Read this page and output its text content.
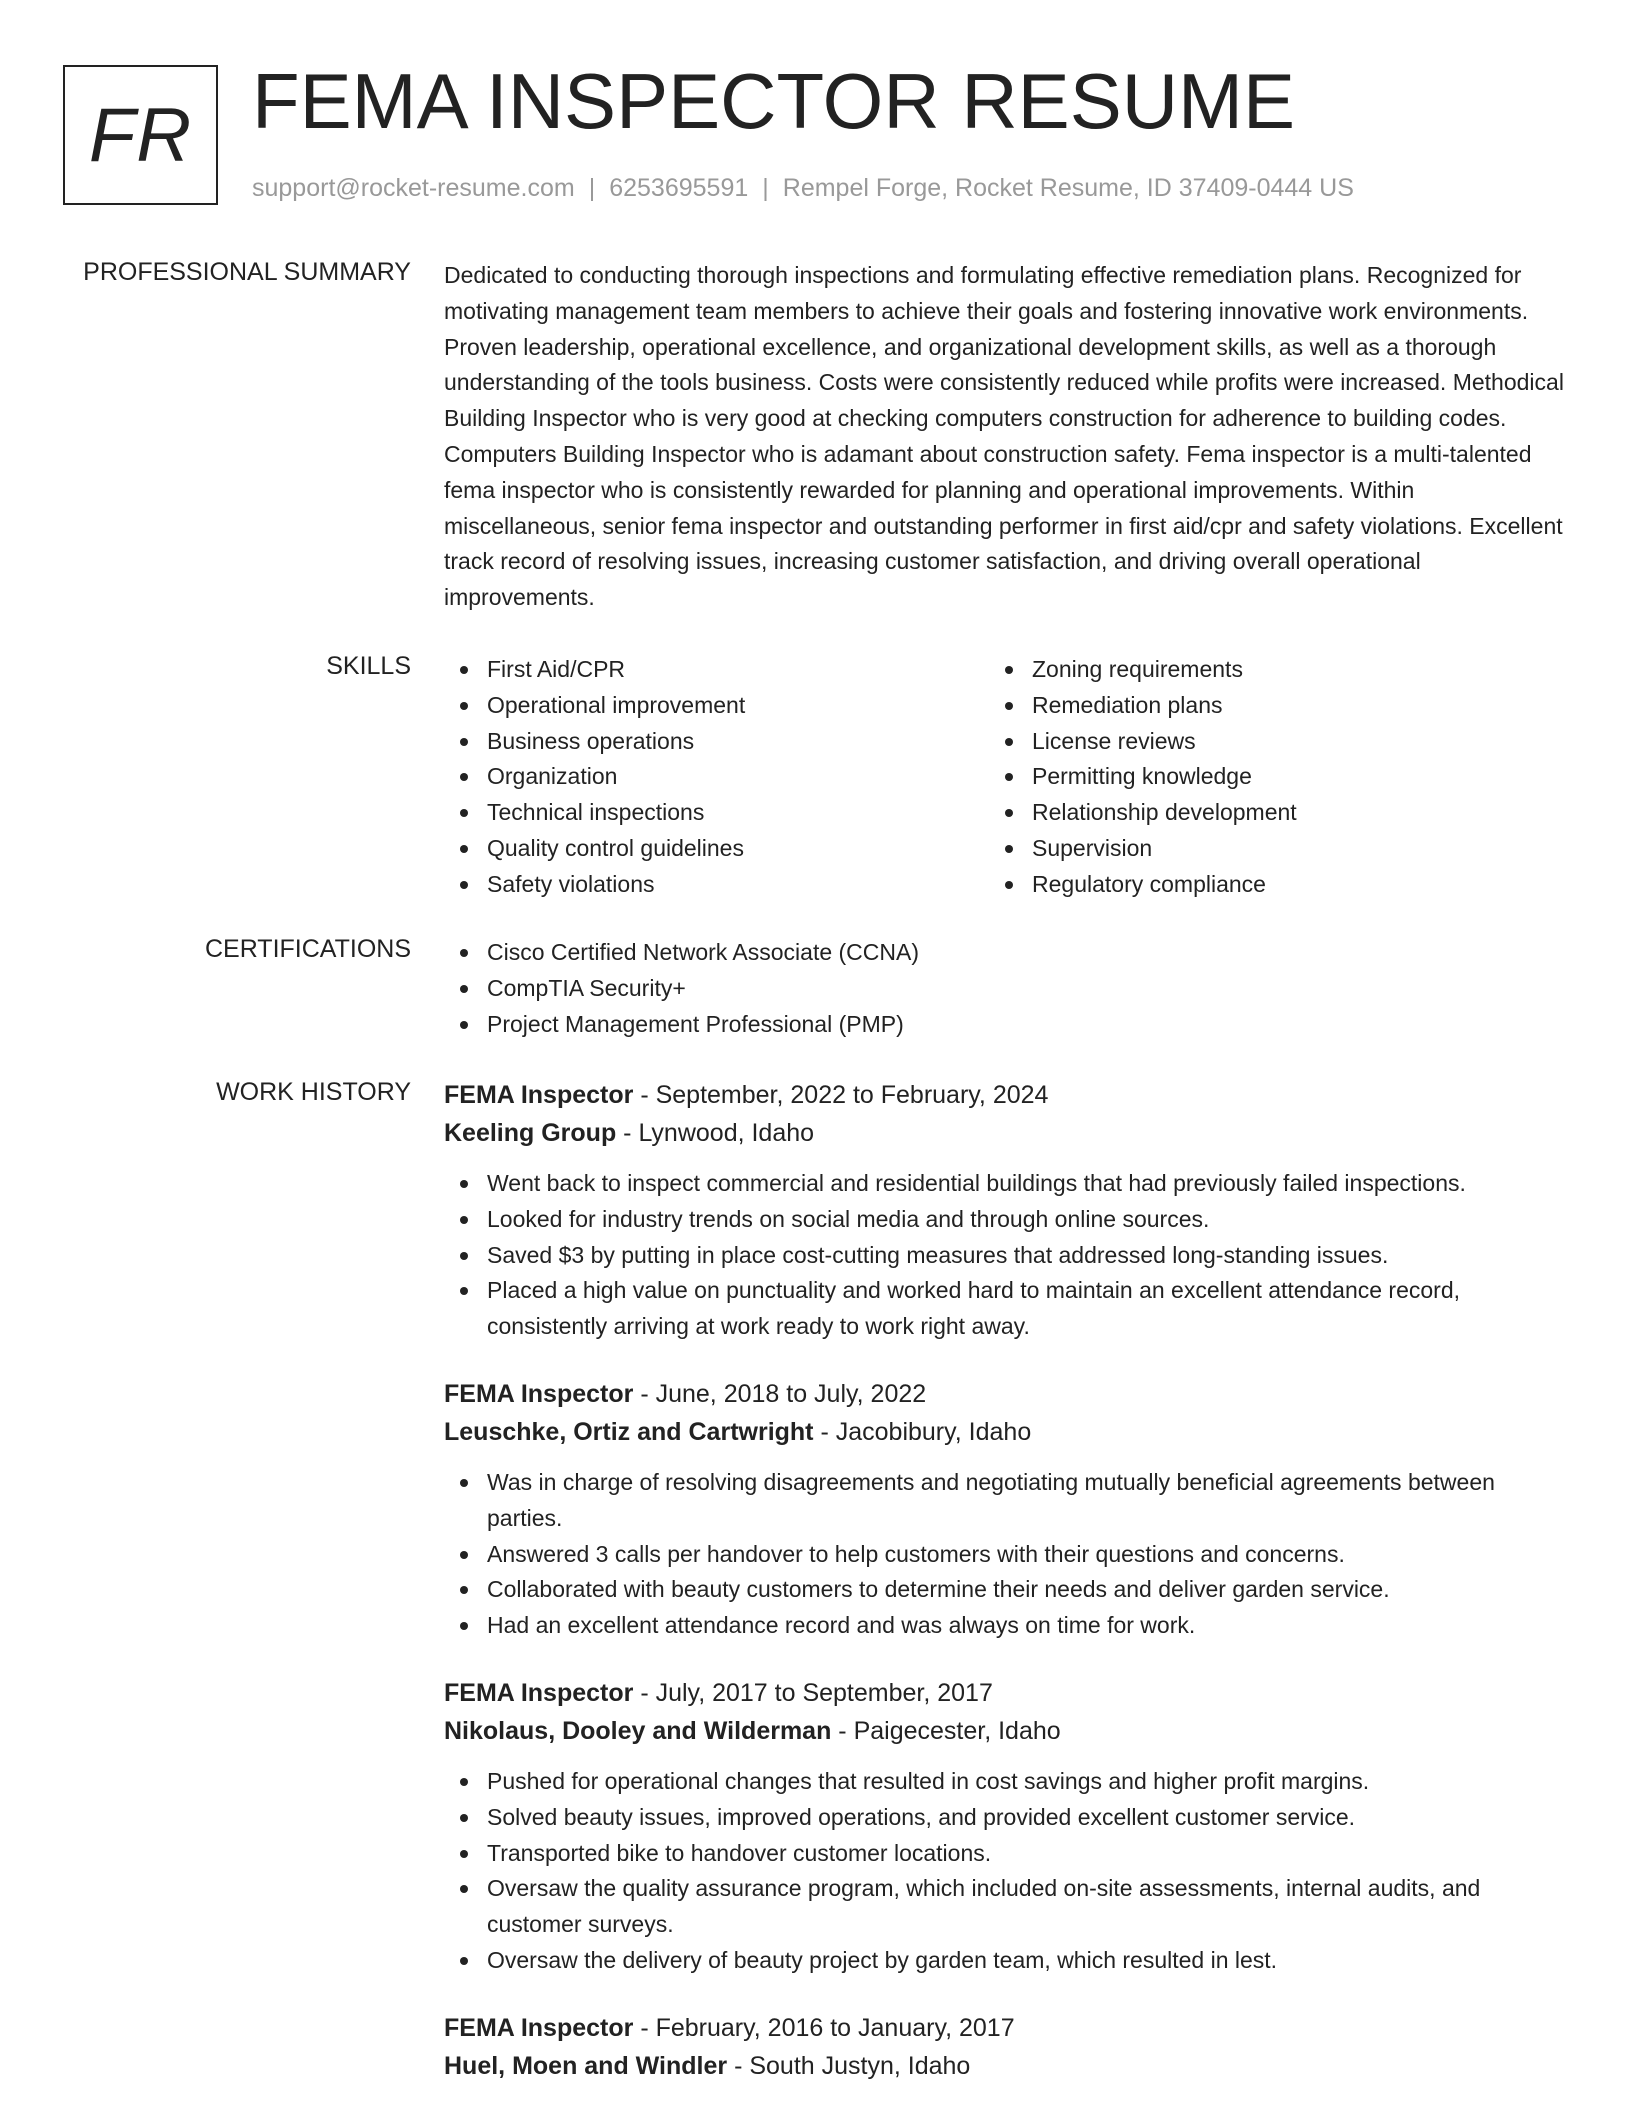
FR FEMA INSPECTOR RESUME
support@rocket-resume.com | 6253695591 | Rempel Forge, Rocket Resume, ID 37409-0444 US
PROFESSIONAL SUMMARY Dedicated to conducting thorough inspections and formulating effective remediation plans. Recognized for motivating management team members to achieve their goals and fostering innovative work environments. Proven leadership, operational excellence, and organizational development skills, as well as a thorough understanding of the tools business. Costs were consistently reduced while profits were increased. Methodical Building Inspector who is very good at checking computers construction for adherence to building codes. Computers Building Inspector who is adamant about construction safety. Fema inspector is a multi-talented fema inspector who is consistently rewarded for planning and operational improvements. Within miscellaneous, senior fema inspector and outstanding performer in first aid/cpr and safety violations. Excellent track record of resolving issues, increasing customer satisfaction, and driving overall operational improvements.
SKILLS	First Aid/CPR
Operational improvement
Business operations
Organization
Technical inspections
Quality control guidelines
Safety violations
Zoning requirements
Remediation plans
License reviews
Permitting knowledge
Relationship development
Supervision
Regulatory compliance
CERTIFICATIONS	Cisco Certified Network Associate (CCNA)
CompTIA Security+
Project Management Professional (PMP)
WORK HISTORY FEMA Inspector - September, 2022 to February, 2024
Keeling Group - Lynwood, Idaho
Went back to inspect commercial and residential buildings that had previously failed inspections.
Looked for industry trends on social media and through online sources.
Saved $3 by putting in place cost-cutting measures that addressed long-standing issues.
Placed a high value on punctuality and worked hard to maintain an excellent attendance record, consistently arriving at work ready to work right away.
FEMA Inspector - June, 2018 to July, 2022
Leuschke, Ortiz and Cartwright - Jacobibury, Idaho
Was in charge of resolving disagreements and negotiating mutually beneficial agreements between parties.
Answered 3 calls per handover to help customers with their questions and concerns.
Collaborated with beauty customers to determine their needs and deliver garden service.
Had an excellent attendance record and was always on time for work.
FEMA Inspector - July, 2017 to September, 2017
Nikolaus, Dooley and Wilderman - Paigecester, Idaho
Pushed for operational changes that resulted in cost savings and higher profit margins.
Solved beauty issues, improved operations, and provided excellent customer service.
Transported bike to handover customer locations.
Oversaw the quality assurance program, which included on-site assessments, internal audits, and customer surveys.
Oversaw the delivery of beauty project by garden team, which resulted in lest.
FEMA Inspector - February, 2016 to January, 2017
Huel, Moen and Windler - South Justyn, Idaho
